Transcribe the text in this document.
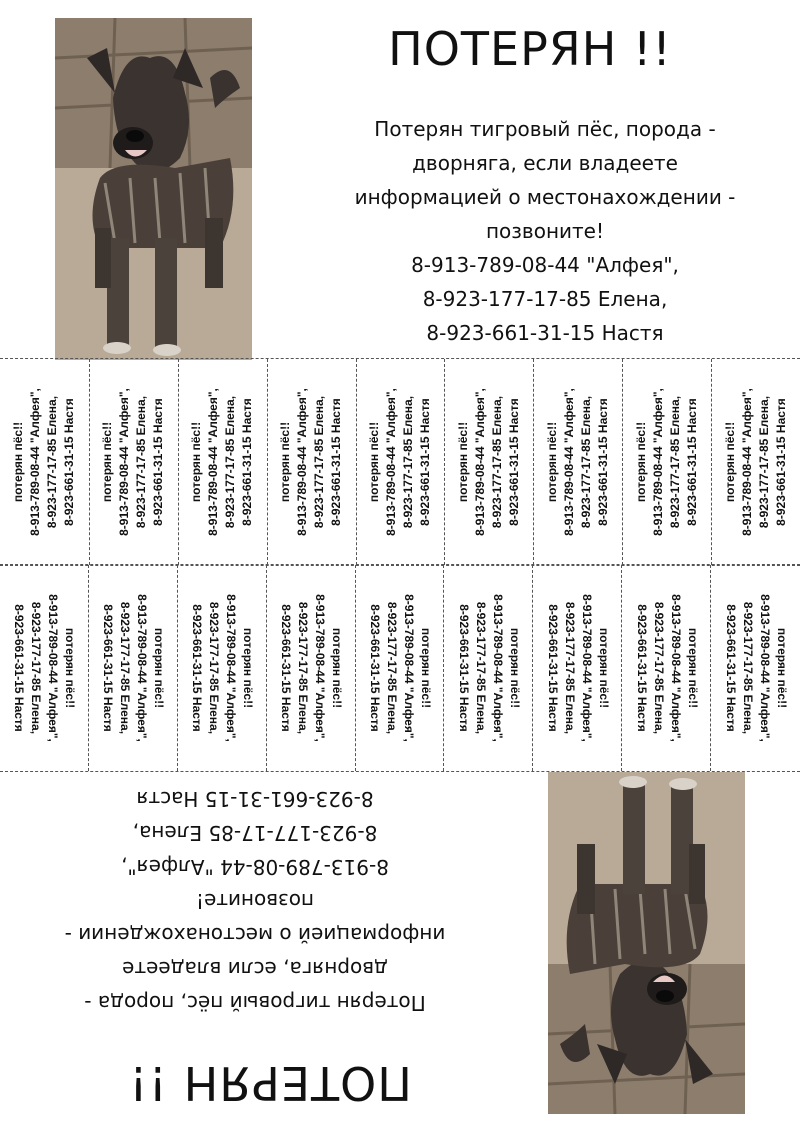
ПОТЕРЯН !!
Потерян тигровый пёс, порода -
дворняга, если владеете
информацией о местонахождении -
позвоните!
8-913-789-08-44 "Алфея",
8-923-177-17-85 Елена,
8-923-661-31-15 Настя
потерян пёс!! 8-913-789-08-44 "Алфея", 8-923-177-17-85 Елена, 8-923-661-31-15 Настя потерян пёс!! 8-913-789-08-44 "Алфея", 8-923-177-17-85 Елена, 8-923-661-31-15 Настя потерян пёс!! 8-913-789-08-44 "Алфея", 8-923-177-17-85 Елена, 8-923-661-31-15 Настя потерян пёс!! 8-913-789-08-44 "Алфея", 8-923-177-17-85 Елена, 8-923-661-31-15 Настя потерян пёс!! 8-913-789-08-44 "Алфея", 8-923-177-17-85 Елена, 8-923-661-31-15 Настя потерян пёс!! 8-913-789-08-44 "Алфея", 8-923-177-17-85 Елена, 8-923-661-31-15 Настя потерян пёс!! 8-913-789-08-44 "Алфея", 8-923-177-17-85 Елена, 8-923-661-31-15 Настя потерян пёс!! 8-913-789-08-44 "Алфея", 8-923-177-17-85 Елена, 8-923-661-31-15 Настя потерян пёс!! 8-913-789-08-44 "Алфея", 8-923-177-17-85 Елена, 8-923-661-31-15 Настя
потерян пёс!!
8-913-789-08-44 "Алфея",
8-923-177-17-85 Елена,
8-923-661-31-15 Настя
потерян пёс!!
8-913-789-08-44 "Алфея",
8-923-177-17-85 Елена,
8-923-661-31-15 Настя
потерян пёс!!
8-913-789-08-44 "Алфея",
8-923-177-17-85 Елена,
8-923-661-31-15 Настя
потерян пёс!!
8-913-789-08-44 "Алфея",
8-923-177-17-85 Елена,
8-923-661-31-15 Настя
потерян пёс!!
8-913-789-08-44 "Алфея",
8-923-177-17-85 Елена,
8-923-661-31-15 Настя
потерян пёс!!
8-913-789-08-44 "Алфея",
8-923-177-17-85 Елена,
8-923-661-31-15 Настя
потерян пёс!!
8-913-789-08-44 "Алфея",
8-923-177-17-85 Елена,
8-923-661-31-15 Настя
потерян пёс!!
8-913-789-08-44 "Алфея",
8-923-177-17-85 Елена,
8-923-661-31-15 Настя
потерян пёс!!
8-913-789-08-44 "Алфея",
8-923-177-17-85 Елена,
8-923-661-31-15 Настя
ПОТЕРЯН !!
Потерян тигровый пёс, порода -
дворняга, если владеете
информацией о местонахождении -
позвоните!
8-913-789-08-44 "Алфея",
8-923-177-17-85 Елена,
8-923-661-31-15 Настя
